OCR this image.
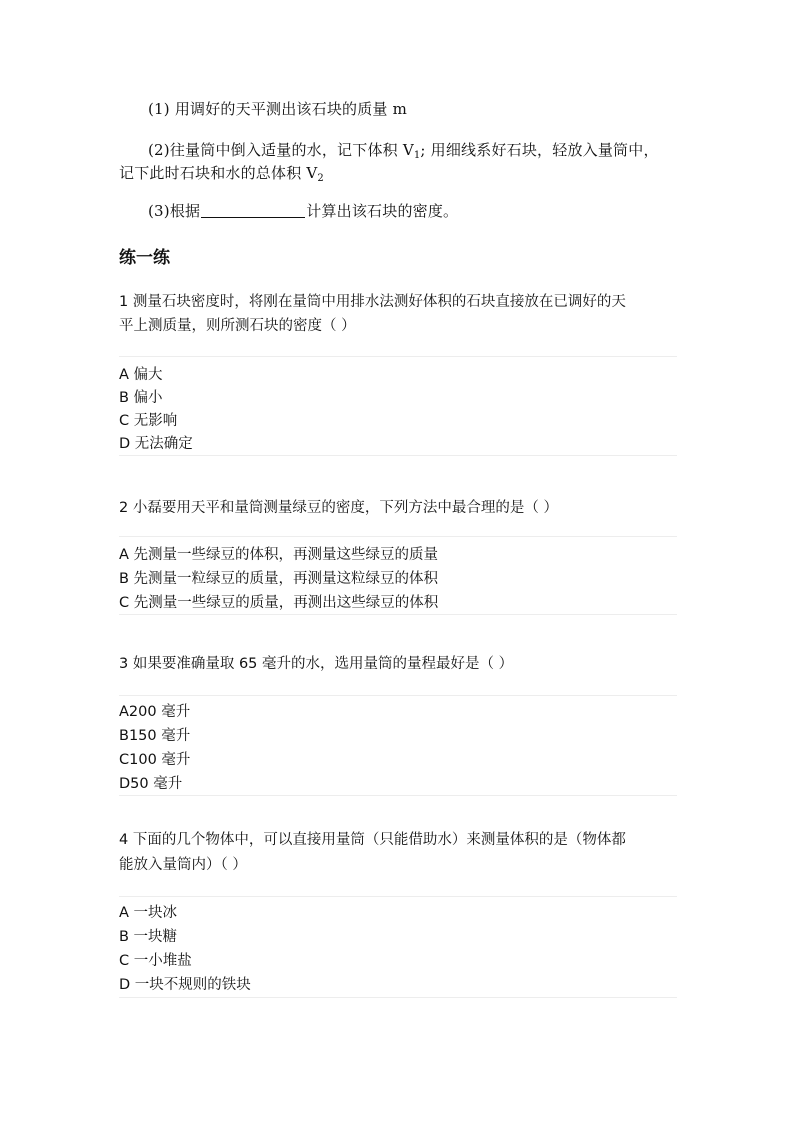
(1) 用调好的天平测出该石块的质量 m
(2)往量筒中倒入适量的水，记下体积 $V_1$; 用细线系好石块，轻放入量筒中，
记下此时石块和水的总体积 $V_2$
(3)根据	计算出该石块的密度。
练一练
1 测量石块密度时，将刚在量筒中用排水法测好体积的石块直接放在已调好的天
平上测质量，则所测石块的密度（ ）
A 偏大
B 偏小
C 无影响
D 无法确定
2 小磊要用天平和量筒测量绿豆的密度，下列方法中最合理的是（ ）
A 先测量一些绿豆的体积，再测量这些绿豆的质量
B 先测量一粒绿豆的质量，再测量这粒绿豆的体积
C 先测量一些绿豆的质量，再测出这些绿豆的体积
3 如果要准确量取 65 毫升的水，选用量筒的量程最好是（ ）
A200 毫升
B150 毫升
C100 毫升
D50 毫升
4 下面的几个物体中，可以直接用量筒（只能借助水）来测量体积的是（物体都
能放入量筒内）（ ）
A 一块冰
B 一块糖
C 一小堆盐
D 一块不规则的铁块
